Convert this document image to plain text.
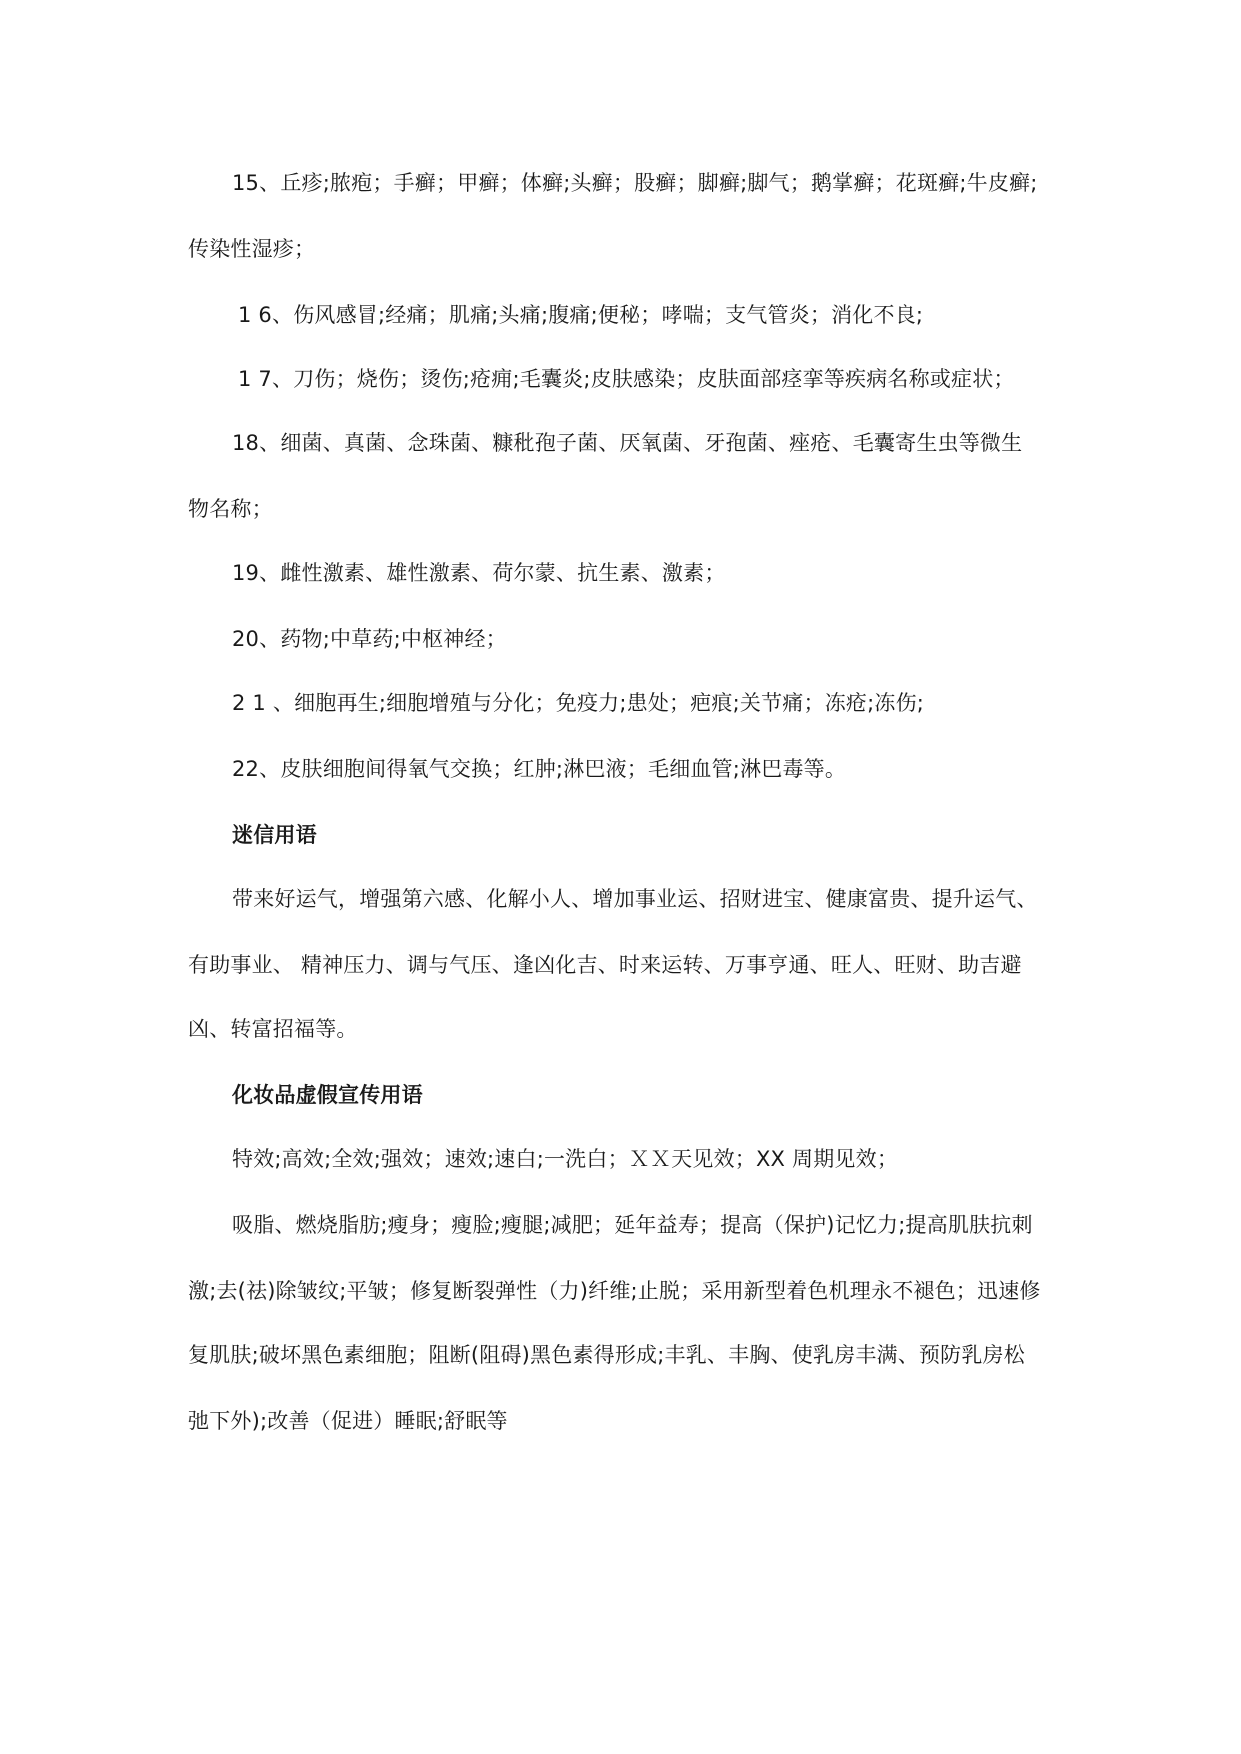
15、丘疹;脓疱；手癣；甲癣；体癣;头癣；股癣；脚癣;脚气；鹅掌癣；花斑癣;牛皮癣;
传染性湿疹；
1 6、伤风感冒;经痛；肌痛;头痛;腹痛;便秘；哮喘；支气管炎；消化不良;
1 7、刀伤；烧伤；烫伤;疮痈;毛囊炎;皮肤感染；皮肤面部痉挛等疾病名称或症状；
18、细菌、真菌、念珠菌、糠秕孢子菌、厌氧菌、牙孢菌、痤疮、毛囊寄生虫等微生
物名称；
19、雌性激素、雄性激素、荷尔蒙、抗生素、激素；
20、药物;中草药;中枢神经；
2 1 、细胞再生;细胞增殖与分化；免疫力;患处；疤痕;关节痛；冻疮;冻伤;
22、皮肤细胞间得氧气交换；红肿;淋巴液；毛细血管;淋巴毒等。
迷信用语
带来好运气，增强第六感、化解小人、增加事业运、招财进宝、健康富贵、提升运气、
有助事业、 精神压力、调与气压、逢凶化吉、时来运转、万事亨通、旺人、旺财、助吉避
凶、转富招福等。
化妆品虚假宣传用语
特效;高效;全效;强效；速效;速白;一洗白；ＸＸ天见效；XX 周期见效；
吸脂、燃烧脂肪;瘦身；瘦脸;瘦腿;减肥；延年益寿；提高（保护)记忆力;提高肌肤抗刺
激;去(祛)除皱纹;平皱；修复断裂弹性（力)纤维;止脱；采用新型着色机理永不褪色；迅速修
复肌肤;破坏黑色素细胞；阻断(阻碍)黑色素得形成;丰乳、丰胸、使乳房丰满、预防乳房松
弛下外);改善（促进）睡眠;舒眠等
